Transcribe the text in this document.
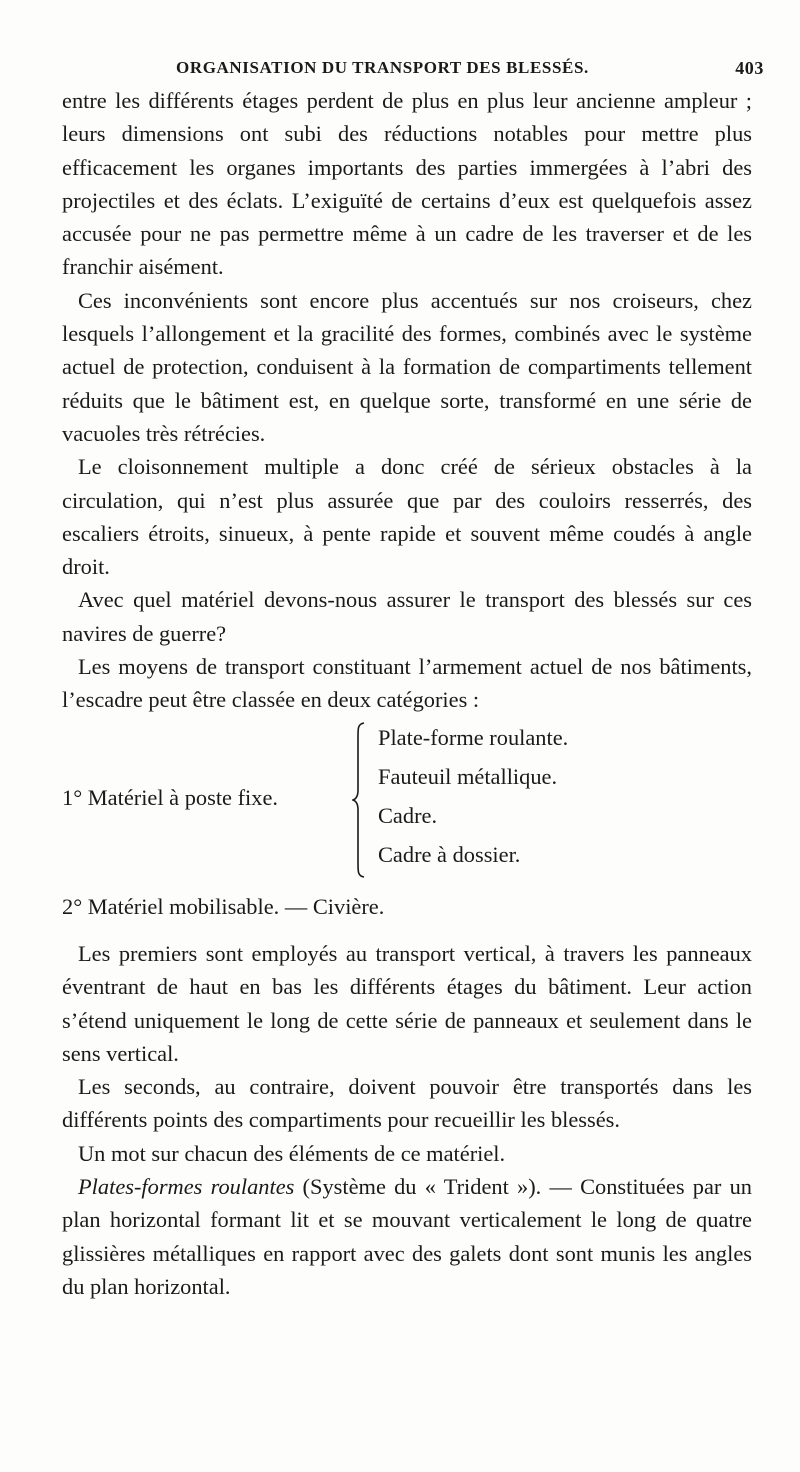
ORGANISATION DU TRANSPORT DES BLESSÉS.	403

entre les différents étages perdent de plus en plus leur ancienne ampleur ; leurs dimensions ont subi des réductions notables pour mettre plus efficacement les organes importants des parties immergées à l’abri des projectiles et des éclats. L’exiguïté de certains d’eux est quelquefois assez accusée pour ne pas permettre même à un cadre de les traverser et de les franchir aisément.

Ces inconvénients sont encore plus accentués sur nos croiseurs, chez lesquels l’allongement et la gracilité des formes, combinés avec le système actuel de protection, conduisent à la formation de compartiments tellement réduits que le bâtiment est, en quelque sorte, transformé en une série de vacuoles très rétrécies.

Le cloisonnement multiple a donc créé de sérieux obstacles à la circulation, qui n’est plus assurée que par des couloirs resserrés, des escaliers étroits, sinueux, à pente rapide et souvent même coudés à angle droit.

Avec quel matériel devons-nous assurer le transport des blessés sur ces navires de guerre?

Les moyens de transport constituant l’armement actuel de nos bâtiments, l’escadre peut être classée en deux catégories :

1° Matériel à poste fixe.
Plate-forme roulante.
Fauteuil métallique.
Cadre.
Cadre à dossier.
2° Matériel mobilisable. — Civière.

Les premiers sont employés au transport vertical, à travers les panneaux éventrant de haut en bas les différents étages du bâtiment. Leur action s’étend uniquement le long de cette série de panneaux et seulement dans le sens vertical.

Les seconds, au contraire, doivent pouvoir être transportés dans les différents points des compartiments pour recueillir les blessés.

Un mot sur chacun des éléments de ce matériel.

Plates-formes roulantes (Système du « Trident »). — Constituées par un plan horizontal formant lit et se mouvant verticalement le long de quatre glissières métalliques en rapport avec des galets dont sont munis les angles du plan horizontal.
